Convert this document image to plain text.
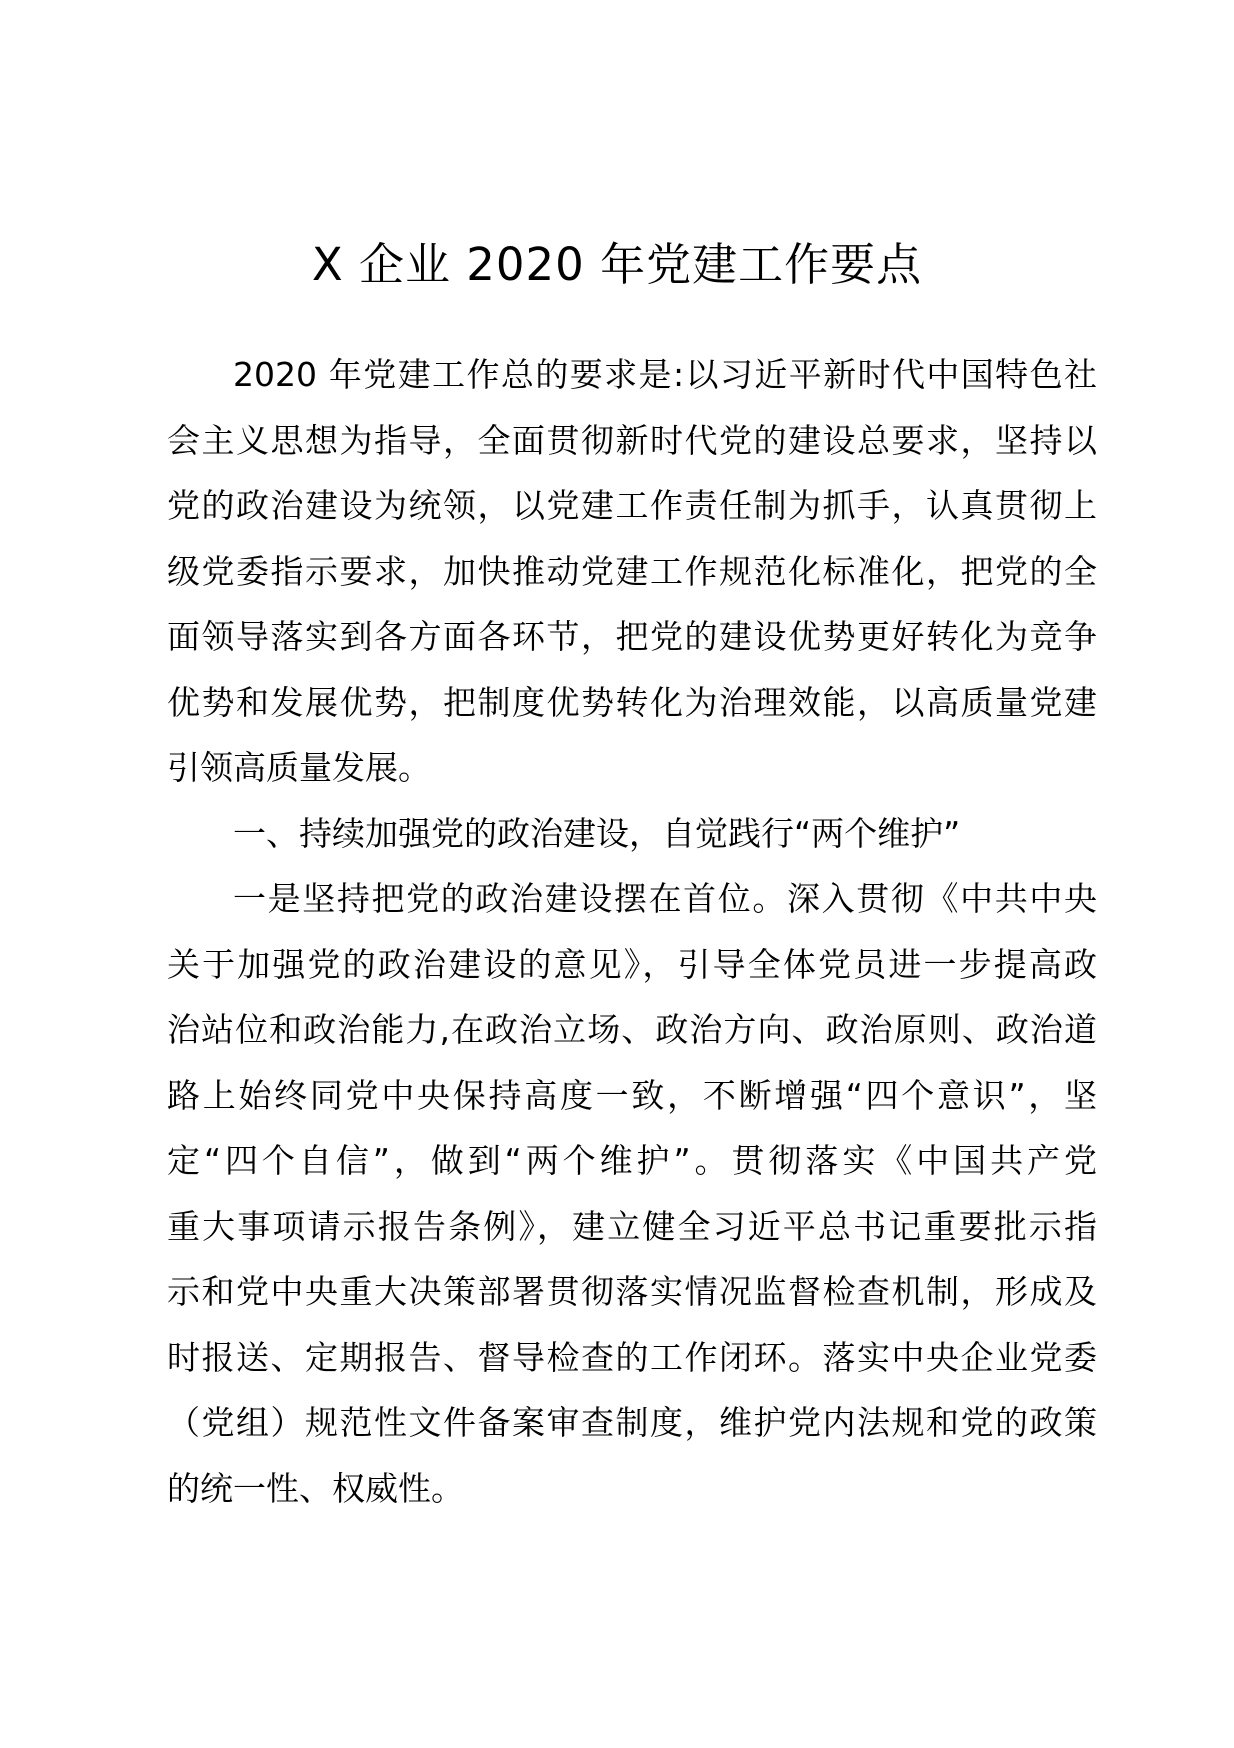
X 企业 2020 年党建工作要点

2020 年党建工作总的要求是:以习近平新时代中国特色社
会主义思想为指导，全面贯彻新时代党的建设总要求，坚持以
党的政治建设为统领，以党建工作责任制为抓手，认真贯彻上
级党委指示要求，加快推动党建工作规范化标准化，把党的全
面领导落实到各方面各环节，把党的建设优势更好转化为竞争
优势和发展优势，把制度优势转化为治理效能，以高质量党建
引领高质量发展。

一、持续加强党的政治建设，自觉践行“两个维护”

一是坚持把党的政治建设摆在首位。深入贯彻《中共中央
关于加强党的政治建设的意见》，引导全体党员进一步提高政
治站位和政治能力,在政治立场、政治方向、政治原则、政治道
路上始终同党中央保持高度一致，不断增强“四个意识”，坚
定“四个自信”，做到“两个维护”。贯彻落实《中国共产党
重大事项请示报告条例》，建立健全习近平总书记重要批示指
示和党中央重大决策部署贯彻落实情况监督检查机制，形成及
时报送、定期报告、督导检查的工作闭环。落实中央企业党委
（党组）规范性文件备案审查制度，维护党内法规和党的政策
的统一性、权威性。
